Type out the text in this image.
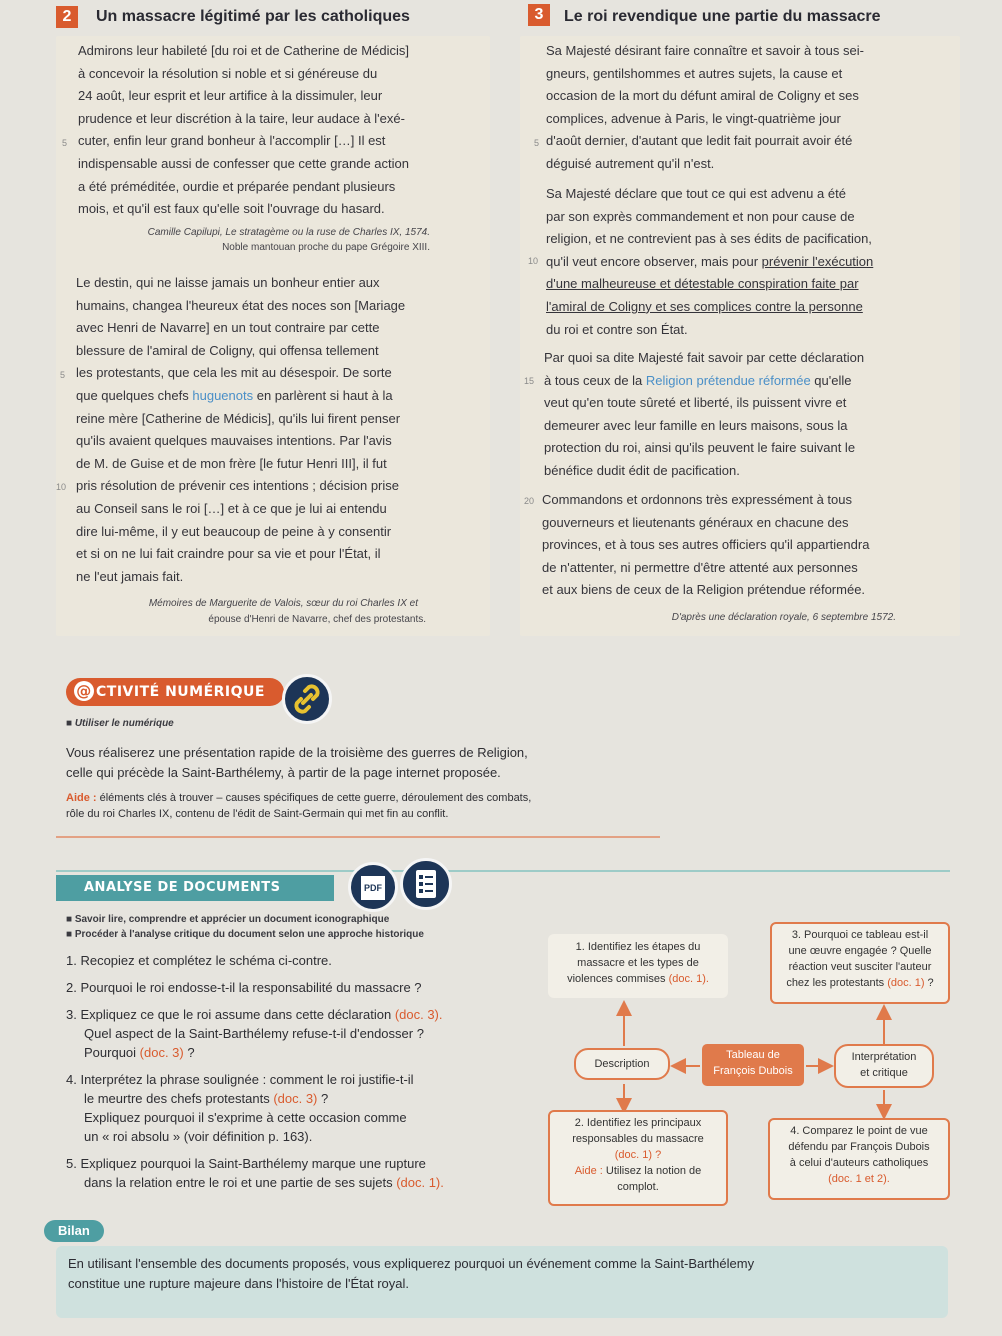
2	Un massacre légitimé par les catholiques

Admirons leur habileté [du roi et de Catherine de Médicis]

à concevoir la résolution si noble et si généreuse du

24 août, leur esprit et leur artifice à la dissimuler, leur

prudence et leur discrétion à la taire, leur audace à l'exé-

cuter, enfin leur grand bonheur à l'accomplir […] Il est

indispensable aussi de confesser que cette grande action

a été préméditée, ourdie et préparée pendant plusieurs

mois, et qu'il est faux qu'elle soit l'ouvrage du hasard.

5
Camille Capilupi, Le stratagème ou la ruse de Charles IX, 1574.
Noble mantouan proche du pape Grégoire XIII.

Le destin, qui ne laisse jamais un bonheur entier aux

humains, changea l'heureux état des noces son [Mariage

avec Henri de Navarre] en un tout contraire par cette

blessure de l'amiral de Coligny, qui offensa tellement

les protestants, que cela les mit au désespoir. De sorte

que quelques chefs huguenots en parlèrent si haut à la

reine mère [Catherine de Médicis], qu'ils lui firent penser

qu'ils avaient quelques mauvaises intentions. Par l'avis

de M. de Guise et de mon frère [le futur Henri III], il fut

pris résolution de prévenir ces intentions ; décision prise

au Conseil sans le roi […] et à ce que je lui ai entendu

dire lui-même, il y eut beaucoup de peine à y consentir

et si on ne lui fait craindre pour sa vie et pour l'État, il

ne l'eut jamais fait.

5
10
Mémoires de Marguerite de Valois, sœur du roi Charles IX et
épouse d'Henri de Navarre, chef des protestants.
3	Le roi revendique une partie du massacre

Sa Majesté désirant faire connaître et savoir à tous sei-

gneurs, gentilshommes et autres sujets, la cause et

occasion de la mort du défunt amiral de Coligny et ses

complices, advenue à Paris, le vingt-quatrième jour

d'août dernier, d'autant que ledit fait pourrait avoir été

déguisé autrement qu'il n'est.

5

Sa Majesté déclare que tout ce qui est advenu a été

par son exprès commandement et non pour cause de

religion, et ne contrevient pas à ses édits de pacification,

qu'il veut encore observer, mais pour prévenir l'exécution

d'une malheureuse et détestable conspiration faite par

l'amiral de Coligny et ses complices contre la personne

du roi et contre son État.

10

Par quoi sa dite Majesté fait savoir par cette déclaration

à tous ceux de la Religion prétendue réformée qu'elle

veut qu'en toute sûreté et liberté, ils puissent vivre et

demeurer avec leur famille en leurs maisons, sous la

protection du roi, ainsi qu'ils peuvent le faire suivant le

bénéfice dudit édit de pacification.

15

Commandons et ordonnons très expressément à tous

gouverneurs et lieutenants généraux en chacune des

provinces, et à tous ses autres officiers qu'il appartiendra

de n'attenter, ni permettre d'être attenté aux personnes

et aux biens de ceux de la Religion prétendue réformée.

20
D'après une déclaration royale, 6 septembre 1572.
@ CTIVITÉ NUMÉRIQUE
■ Utiliser le numérique
Vous réaliserez une présentation rapide de la troisième des guerres de Religion,
celle qui précède la Saint-Barthélemy, à partir de la page internet proposée.
Aide : éléments clés à trouver – causes spécifiques de cette guerre, déroulement des combats,
rôle du roi Charles IX, contenu de l'édit de Saint-Germain qui met fin au conflit.
ANALYSE DE DOCUMENTS	PDF
■ Savoir lire, comprendre et apprécier un document iconographique
■ Procéder à l'analyse critique du document selon une approche historique
1. Recopiez et complétez le schéma ci-contre.
2. Pourquoi le roi endosse-t-il la responsabilité du massacre ?
3. Expliquez ce que le roi assume dans cette déclaration (doc. 3).
Quel aspect de la Saint-Barthélemy refuse-t-il d'endosser ?
Pourquoi (doc. 3) ?
4. Interprétez la phrase soulignée : comment le roi justifie-t-il
le meurtre des chefs protestants (doc. 3) ?
Expliquez pourquoi il s'exprime à cette occasion comme
un « roi absolu » (voir définition p. 163).
5. Expliquez pourquoi la Saint-Barthélemy marque une rupture
dans la relation entre le roi et une partie de ses sujets (doc. 1).
1. Identifiez les étapes du
massacre et les types de
violences commises (doc. 1).
3. Pourquoi ce tableau est-il
une œuvre engagée ? Quelle
réaction veut susciter l'auteur
chez les protestants (doc. 1) ?
Description
Tableau de
François Dubois
Interprétation
et critique
2. Identifiez les principaux
responsables du massacre
(doc. 1) ?
Aide : Utilisez la notion de
complot.
4. Comparez le point de vue
défendu par François Dubois
à celui d'auteurs catholiques
(doc. 1 et 2).
Bilan
En utilisant l'ensemble des documents proposés, vous expliquerez pourquoi un événement comme la Saint-Barthélemy
constitue une rupture majeure dans l'histoire de l'État royal.
